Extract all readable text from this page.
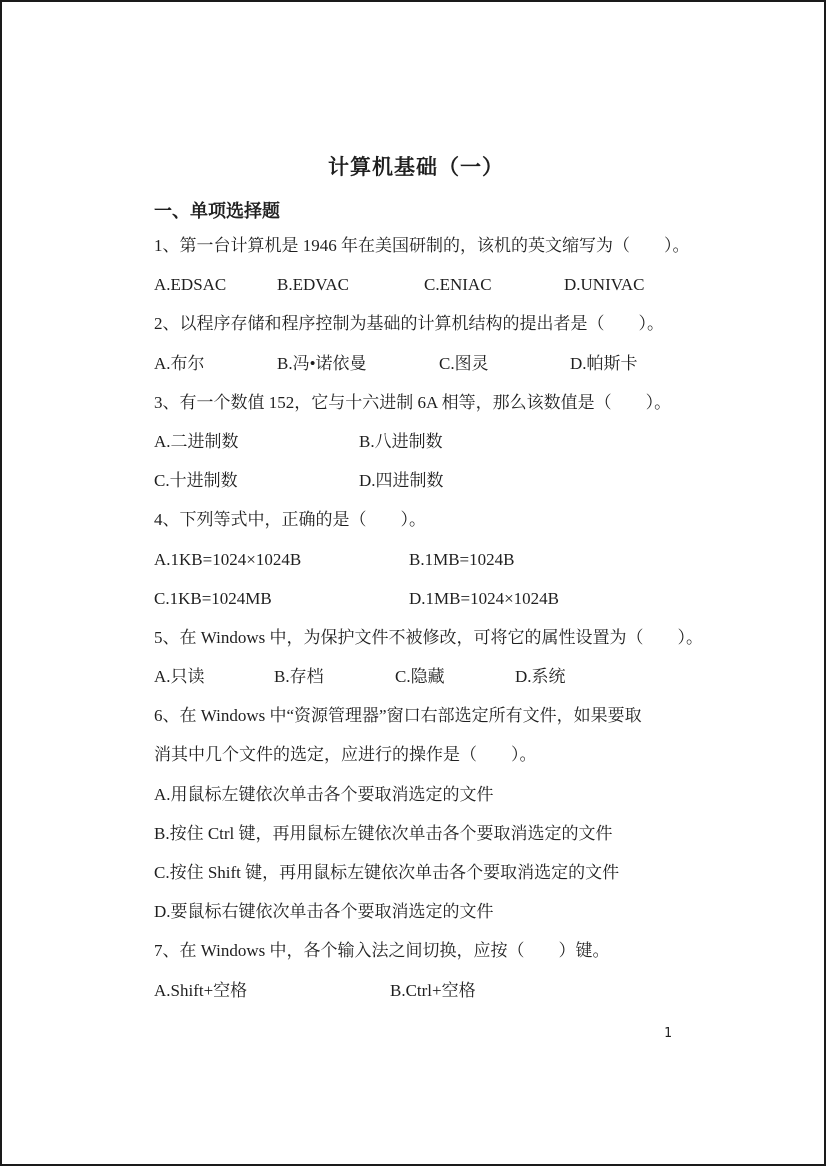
计算机基础（一）
一、单项选择题
1、第一台计算机是 1946 年在美国研制的，该机的英文缩写为（　　）。
A.EDSAC	B.EDVAC	C.ENIAC	D.UNIVAC
2、以程序存储和程序控制为基础的计算机结构的提出者是（　　）。
A.布尔	B.冯•诺依曼	C.图灵	D.帕斯卡
3、有一个数值 152，它与十六进制 6A 相等，那么该数值是（　　）。
A.二进制数	B.八进制数
C.十进制数	D.四进制数
4、下列等式中，正确的是（　　）。
A.1KB=1024×1024B	B.1MB=1024B
C.1KB=1024MB	D.1MB=1024×1024B
5、在 Windows 中，为保护文件不被修改，可将它的属性设置为（　　）。
A.只读	B.存档	C.隐藏	D.系统
6、在 Windows 中“资源管理器”窗口右部选定所有文件，如果要取
消其中几个文件的选定，应进行的操作是（　　）。
A.用鼠标左键依次单击各个要取消选定的文件
B.按住 Ctrl 键，再用鼠标左键依次单击各个要取消选定的文件
C.按住 Shift 键，再用鼠标左键依次单击各个要取消选定的文件
D.要鼠标右键依次单击各个要取消选定的文件
7、在 Windows 中，各个输入法之间切换，应按（　　）键。
A.Shift+空格	B.Ctrl+空格
1
